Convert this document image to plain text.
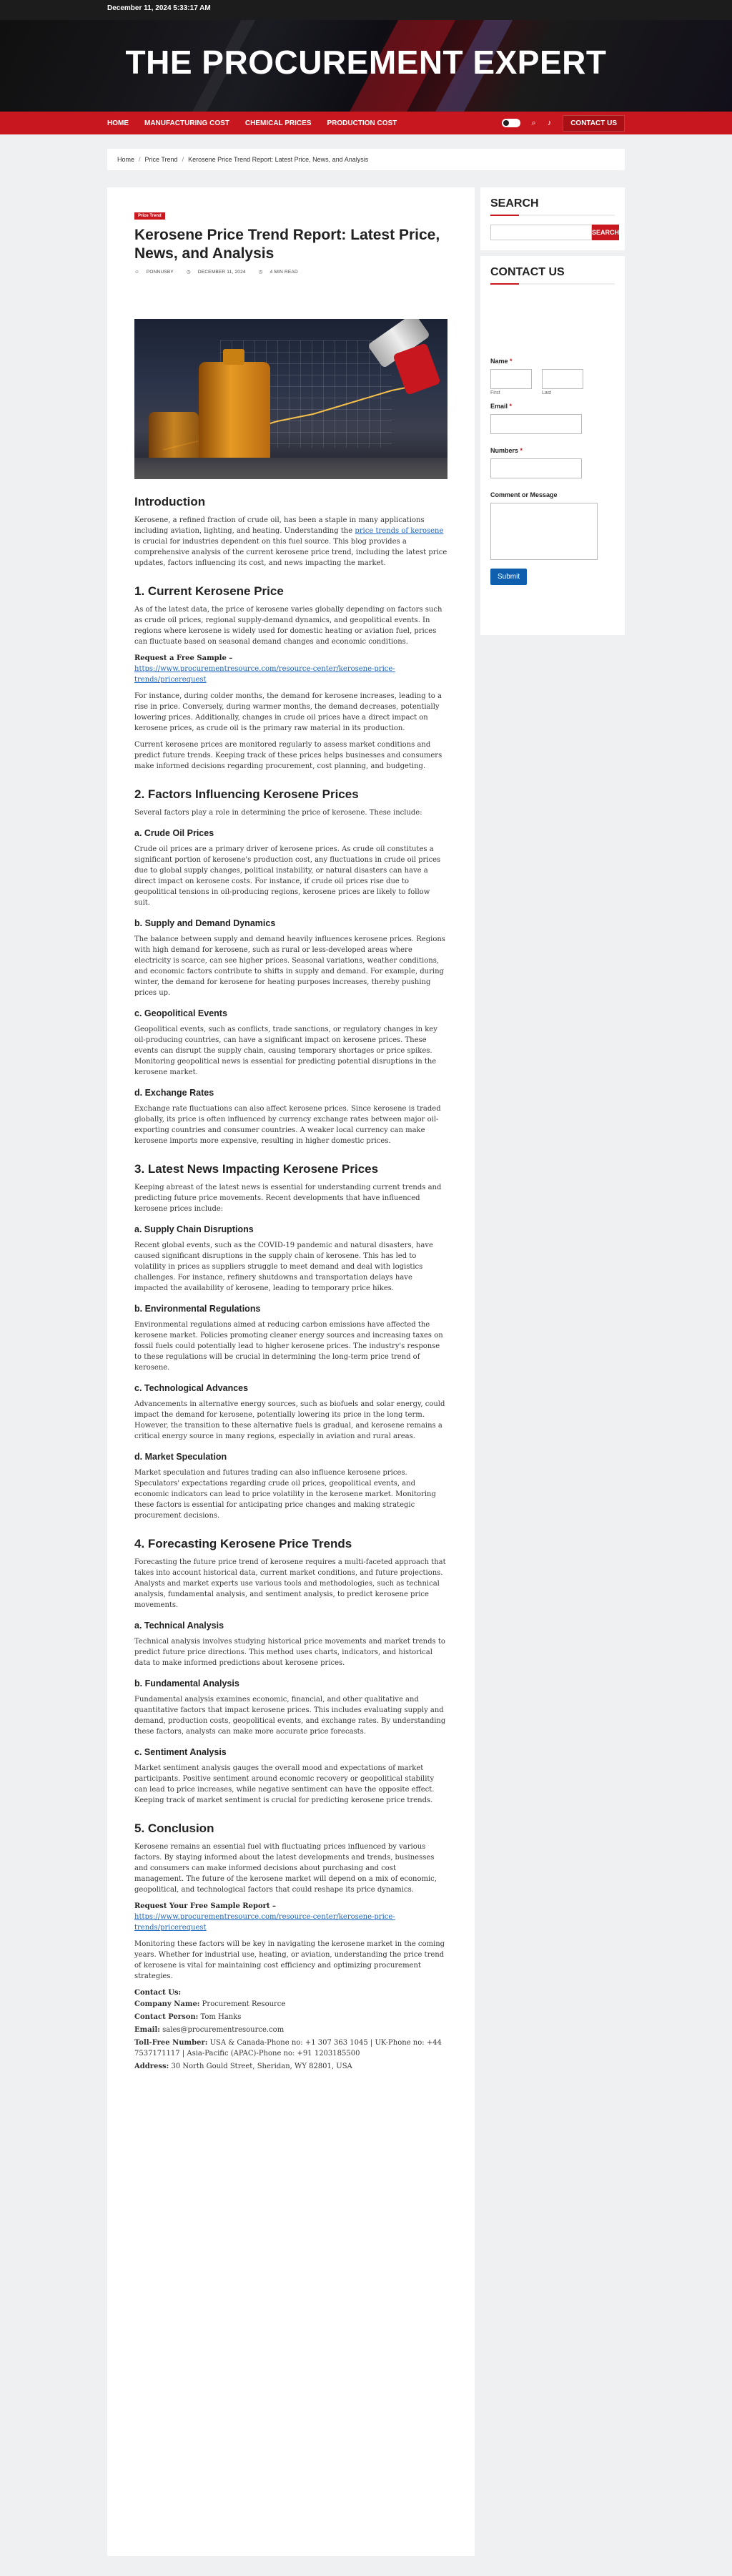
December 11, 2024 5:33:17 AM
THE PROCUREMENT EXPERT
HOME MANUFACTURING COST CHEMICAL PRICES PRODUCTION COST	⌕ ♪	CONTACT US
Home / Price Trend / Kerosene Price Trend Report: Latest Price, News, and Analysis
Price Trend
Kerosene Price Trend Report: Latest Price, News, and Analysis
☺ PONNUSBY	◷ DECEMBER 11, 2024	◷ 4 MIN READ
Introduction

Kerosene, a refined fraction of crude oil, has been a staple in many applications including aviation, lighting, and heating. Understanding the price trends of kerosene is crucial for industries dependent on this fuel source. This blog provides a comprehensive analysis of the current kerosene price trend, including the latest price updates, factors influencing its cost, and news impacting the market.

1. Current Kerosene Price

As of the latest data, the price of kerosene varies globally depending on factors such as crude oil prices, regional supply-demand dynamics, and geopolitical events. In regions where kerosene is widely used for domestic heating or aviation fuel, prices can fluctuate based on seasonal demand changes and economic conditions.

Request a Free Sample –

https://www.procurementresource.com/resource-center/kerosene-price-trends/pricerequest

For instance, during colder months, the demand for kerosene increases, leading to a rise in price. Conversely, during warmer months, the demand decreases, potentially lowering prices. Additionally, changes in crude oil prices have a direct impact on kerosene prices, as crude oil is the primary raw material in its production.

Current kerosene prices are monitored regularly to assess market conditions and predict future trends. Keeping track of these prices helps businesses and consumers make informed decisions regarding procurement, cost planning, and budgeting.

2. Factors Influencing Kerosene Prices

Several factors play a role in determining the price of kerosene. These include:

a. Crude Oil Prices

Crude oil prices are a primary driver of kerosene prices. As crude oil constitutes a significant portion of kerosene's production cost, any fluctuations in crude oil prices due to global supply changes, political instability, or natural disasters can have a direct impact on kerosene costs. For instance, if crude oil prices rise due to geopolitical tensions in oil-producing regions, kerosene prices are likely to follow suit.

b. Supply and Demand Dynamics

The balance between supply and demand heavily influences kerosene prices. Regions with high demand for kerosene, such as rural or less-developed areas where electricity is scarce, can see higher prices. Seasonal variations, weather conditions, and economic factors contribute to shifts in supply and demand. For example, during winter, the demand for kerosene for heating purposes increases, thereby pushing prices up.

c. Geopolitical Events

Geopolitical events, such as conflicts, trade sanctions, or regulatory changes in key oil-producing countries, can have a significant impact on kerosene prices. These events can disrupt the supply chain, causing temporary shortages or price spikes. Monitoring geopolitical news is essential for predicting potential disruptions in the kerosene market.

d. Exchange Rates

Exchange rate fluctuations can also affect kerosene prices. Since kerosene is traded globally, its price is often influenced by currency exchange rates between major oil-exporting countries and consumer countries. A weaker local currency can make kerosene imports more expensive, resulting in higher domestic prices.

3. Latest News Impacting Kerosene Prices

Keeping abreast of the latest news is essential for understanding current trends and predicting future price movements. Recent developments that have influenced kerosene prices include:

a. Supply Chain Disruptions

Recent global events, such as the COVID-19 pandemic and natural disasters, have caused significant disruptions in the supply chain of kerosene. This has led to volatility in prices as suppliers struggle to meet demand and deal with logistics challenges. For instance, refinery shutdowns and transportation delays have impacted the availability of kerosene, leading to temporary price hikes.

b. Environmental Regulations

Environmental regulations aimed at reducing carbon emissions have affected the kerosene market. Policies promoting cleaner energy sources and increasing taxes on fossil fuels could potentially lead to higher kerosene prices. The industry's response to these regulations will be crucial in determining the long-term price trend of kerosene.

c. Technological Advances

Advancements in alternative energy sources, such as biofuels and solar energy, could impact the demand for kerosene, potentially lowering its price in the long term. However, the transition to these alternative fuels is gradual, and kerosene remains a critical energy source in many regions, especially in aviation and rural areas.

d. Market Speculation

Market speculation and futures trading can also influence kerosene prices. Speculators' expectations regarding crude oil prices, geopolitical events, and economic indicators can lead to price volatility in the kerosene market. Monitoring these factors is essential for anticipating price changes and making strategic procurement decisions.

4. Forecasting Kerosene Price Trends

Forecasting the future price trend of kerosene requires a multi-faceted approach that takes into account historical data, current market conditions, and future projections. Analysts and market experts use various tools and methodologies, such as technical analysis, fundamental analysis, and sentiment analysis, to predict kerosene price movements.

a. Technical Analysis

Technical analysis involves studying historical price movements and market trends to predict future price directions. This method uses charts, indicators, and historical data to make informed predictions about kerosene prices.

b. Fundamental Analysis

Fundamental analysis examines economic, financial, and other qualitative and quantitative factors that impact kerosene prices. This includes evaluating supply and demand, production costs, geopolitical events, and exchange rates. By understanding these factors, analysts can make more accurate price forecasts.

c. Sentiment Analysis

Market sentiment analysis gauges the overall mood and expectations of market participants. Positive sentiment around economic recovery or geopolitical stability can lead to price increases, while negative sentiment can have the opposite effect. Keeping track of market sentiment is crucial for predicting kerosene price trends.

5. Conclusion

Kerosene remains an essential fuel with fluctuating prices influenced by various factors. By staying informed about the latest developments and trends, businesses and consumers can make informed decisions about purchasing and cost management. The future of the kerosene market will depend on a mix of economic, geopolitical, and technological factors that could reshape its price dynamics.

Request Your Free Sample Report –

https://www.procurementresource.com/resource-center/kerosene-price-trends/pricerequest

Monitoring these factors will be key in navigating the kerosene market in the coming years. Whether for industrial use, heating, or aviation, understanding the price trend of kerosene is vital for maintaining cost efficiency and optimizing procurement strategies.

Contact Us:

Company Name: Procurement Resource

Contact Person: Tom Hanks

Email: sales@procurementresource.com

Toll-Free Number: USA & Canada-Phone no: +1 307 363 1045 | UK-Phone no: +44 7537171117 | Asia-Pacific (APAC)-Phone no: +91 1203185500

Address: 30 North Gould Street, Sheridan, WY 82801, USA

SEARCH
SEARCH
CONTACT US
Name *
First	Last
Email *
Numbers *
Comment or Message
Submit
